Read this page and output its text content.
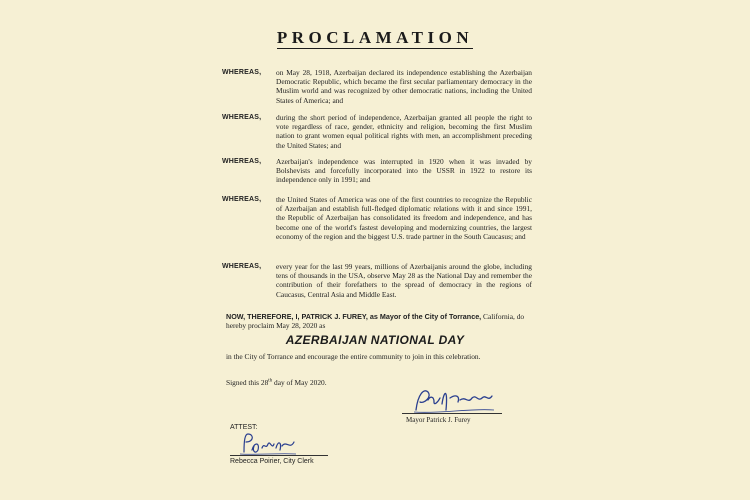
PROCLAMATION
WHEREAS, on May 28, 1918, Azerbaijan declared its independence establishing the Azerbaijan Democratic Republic, which became the first secular parliamentary democracy in the Muslim world and was recognized by other democratic nations, including the United States of America; and
WHEREAS, during the short period of independence, Azerbaijan granted all people the right to vote regardless of race, gender, ethnicity and religion, becoming the first Muslim nation to grant women equal political rights with men, an accomplishment preceding the United States; and
WHEREAS, Azerbaijan's independence was interrupted in 1920 when it was invaded by Bolshevists and forcefully incorporated into the USSR in 1922 to restore its independence only in 1991; and
WHEREAS, the United States of America was one of the first countries to recognize the Republic of Azerbaijan and establish full-fledged diplomatic relations with it and since 1991, the Republic of Azerbaijan has consolidated its freedom and independence, and has become one of the world's fastest developing and modernizing countries, the largest economy of the region and the biggest U.S. trade partner in the South Caucasus; and
WHEREAS, every year for the last 99 years, millions of Azerbaijanis around the globe, including tens of thousands in the USA, observe May 28 as the National Day and remember the contribution of their forefathers to the spread of democracy in the regions of Caucasus, Central Asia and Middle East.
NOW, THEREFORE, I, PATRICK J. FUREY, as Mayor of the City of Torrance, California, do hereby proclaim May 28, 2020 as
AZERBAIJAN NATIONAL DAY
in the City of Torrance and encourage the entire community to join in this celebration.
Signed this 28th day of May 2020.
Mayor Patrick J. Furey
ATTEST:
Rebecca Poirier, City Clerk
